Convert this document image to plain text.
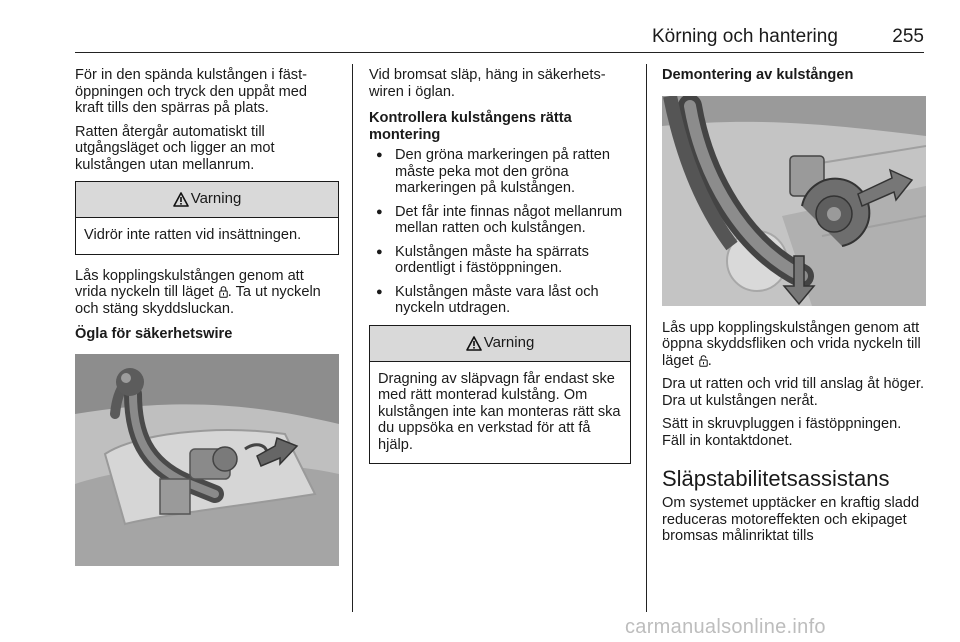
Körning och hantering	255

För in den spända kulstången i fästöppningen och tryck den uppåt med kraft tills den spärras på plats.

Ratten återgår automatiskt till utgångsläget och ligger an mot kulstången utan mellanrum.

Varning
Vidrör inte ratten vid insättningen.

Lås kopplingskulstången genom att vrida nyckeln till läget . Ta ut nyckeln och stäng skyddsluckan.

Ögla för säkerhetswire

Vid bromsat släp, häng in säkerhetswiren i öglan.

Kontrollera kulstångens rätta montering
● Den gröna markeringen på ratten måste peka mot den gröna markeringen på kulstången.
● Det får inte finnas något mellanrum mellan ratten och kulstången.
● Kulstången måste ha spärrats ordentligt i fästöppningen.
● Kulstången måste vara låst och nyckeln utdragen.
Varning
Dragning av släpvagn får endast ske med rätt monterad kulstång. Om kulstången inte kan monteras rätt ska du uppsöka en verkstad för att få hjälp.
Demontering av kulstången

Lås upp kopplingskulstången genom att öppna skyddsfliken och vrida nyckeln till läget .

Dra ut ratten och vrid till anslag åt höger. Dra ut kulstången neråt.

Sätt in skruvpluggen i fästöppningen. Fäll in kontaktdonet.

Släpstabilitetsassistans

Om systemet upptäcker en kraftig sladd reduceras motoreffekten och ekipaget bromsas målinriktat tills

carmanualsonline.info
